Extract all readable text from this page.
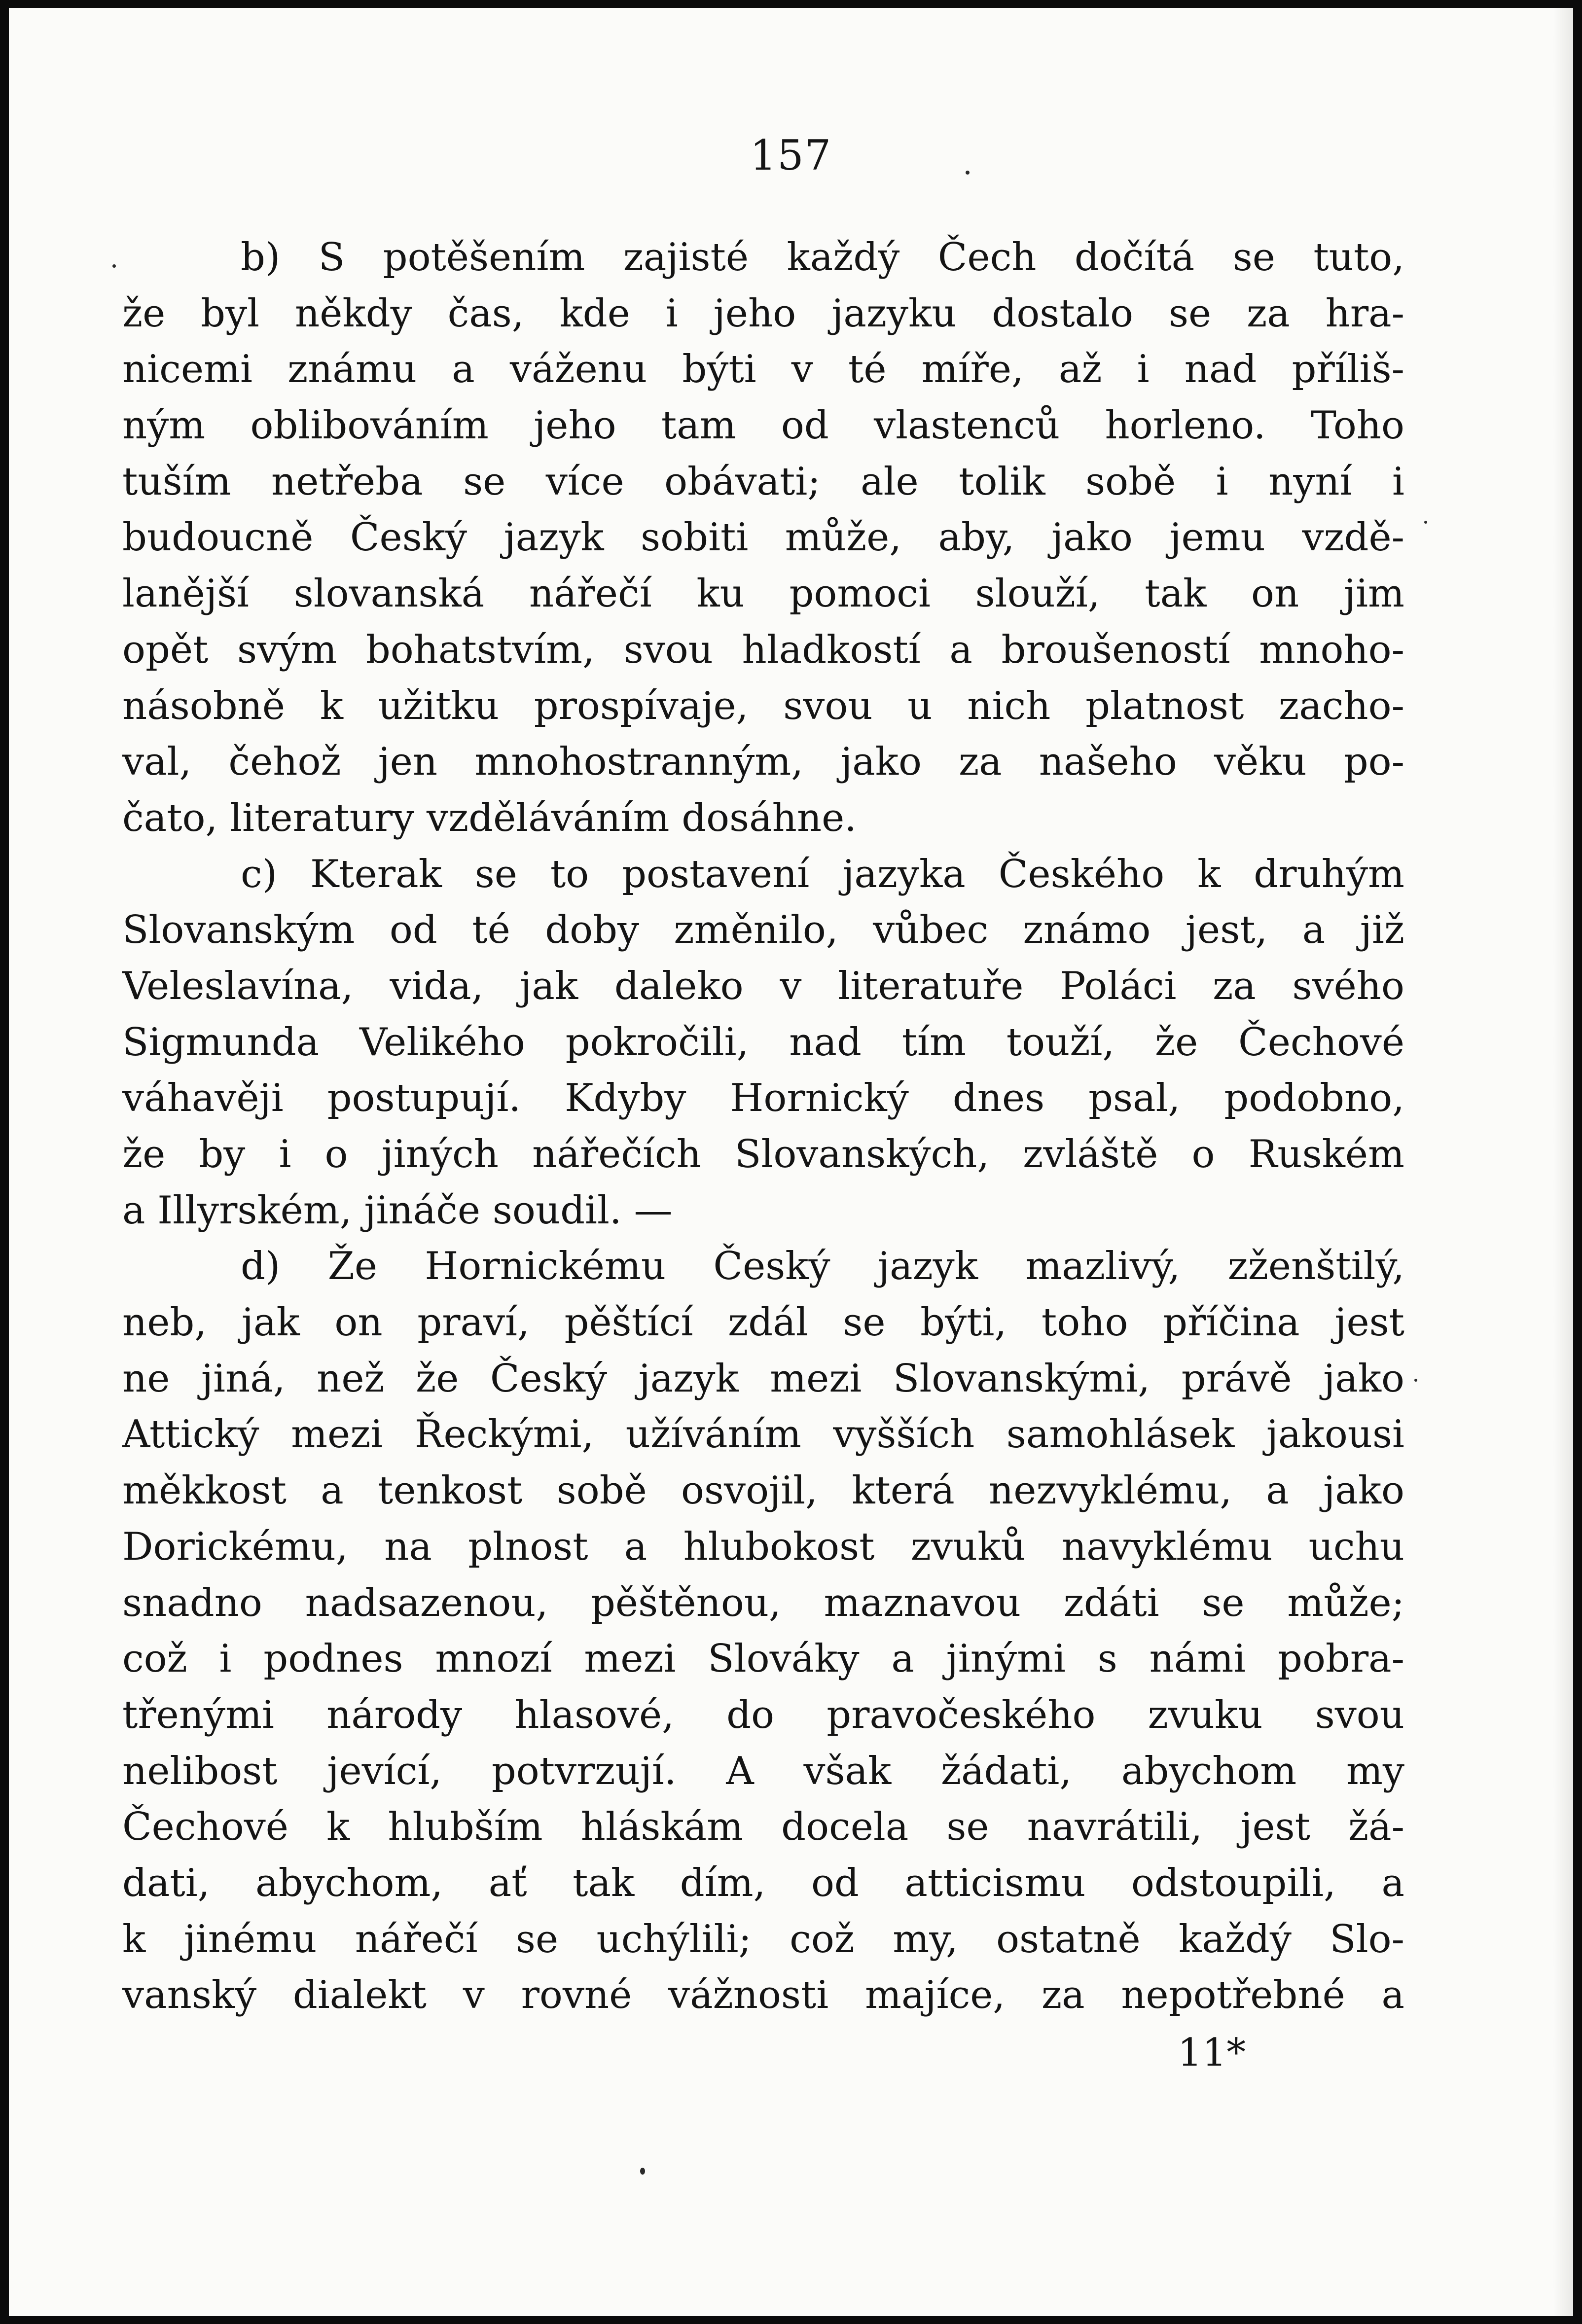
157
b) S potěšením zajisté každý Čech dočítá se tuto,
že byl někdy čas, kde i jeho jazyku dostalo se za hra-
nicemi známu a váženu býti v té míře, až i nad příliš-
ným oblibováním jeho tam od vlastenců horleno. Toho
tuším netřeba se více obávati; ale tolik sobě i nyní i
budoucně Český jazyk sobiti může, aby, jako jemu vzdě-
lanější slovanská nářečí ku pomoci slouží, tak on jim
opět svým bohatstvím, svou hladkostí a broušeností mnoho-
násobně k užitku prospívaje, svou u nich platnost zacho-
val, čehož jen mnohostranným, jako za našeho věku po-
čato, literatury vzděláváním dosáhne.
c) Kterak se to postavení jazyka Českého k druhým
Slovanským od té doby změnilo, vůbec známo jest, a již
Veleslavína, vida, jak daleko v literatuře Poláci za svého
Sigmunda Velikého pokročili, nad tím touží, že Čechové
váhavěji postupují. Kdyby Hornický dnes psal, podobno,
že by i o jiných nářečích Slovanských, zvláště o Ruském
a Illyrském, jináče soudil. —
d) Že Hornickému Český jazyk mazlivý, zženštilý,
neb, jak on praví, pěštící zdál se býti, toho příčina jest
ne jiná, než že Český jazyk mezi Slovanskými, právě jako
Attický mezi Řeckými, užíváním vyšších samohlásek jakousi
měkkost a tenkost sobě osvojil, která nezvyklému, a jako
Dorickému, na plnost a hlubokost zvuků navyklému uchu
snadno nadsazenou, pěštěnou, maznavou zdáti se může;
což i podnes mnozí mezi Slováky a jinými s námi pobra-
třenými národy hlasové, do pravočeského zvuku svou
nelibost jevící, potvrzují. A však žádati, abychom my
Čechové k hlubším hláskám docela se navrátili, jest žá-
dati, abychom, ať tak dím, od atticismu odstoupili, a
k jinému nářečí se uchýlili; což my, ostatně každý Slo-
vanský dialekt v rovné vážnosti majíce, za nepotřebné a
11*
